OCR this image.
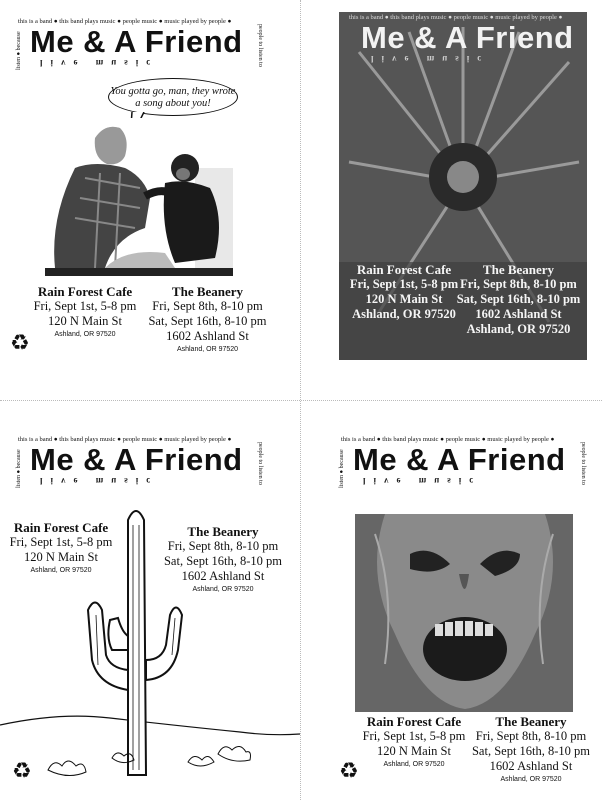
this is a band ● this band plays music ● people music ● music played by people ●
listen ● because	people to listen to
Me & A Friend
live music
You gotta go, man, they wrote a song about you!
Rain Forest Cafe
Fri, Sept 1st, 5-8 pm
120 N Main St
Ashland, OR 97520
The Beanery
Fri, Sept 8th, 8-10 pm
Sat, Sept 16th, 8-10 pm
1602 Ashland St
Ashland, OR 97520
♻
this is a band ● this band plays music ● people music ● music played by people ●
Me & A Friend
live music
Rain Forest Cafe
Fri, Sept 1st, 5-8 pm
120 N Main St
Ashland, OR 97520
The Beanery
Fri, Sept 8th, 8-10 pm
Sat, Sept 16th, 8-10 pm
1602 Ashland St
Ashland, OR 97520
this is a band ● this band plays music ● people music ● music played by people ●
listen ● because	people to listen to
Me & A Friend
live music
Rain Forest Cafe
Fri, Sept 1st, 5-8 pm
120 N Main St
Ashland, OR 97520
The Beanery
Fri, Sept 8th, 8-10 pm
Sat, Sept 16th, 8-10 pm
1602 Ashland St
Ashland, OR 97520
♻
this is a band ● this band plays music ● people music ● music played by people ●
listen ● because	people to listen to
Me & A Friend
live music
Rain Forest Cafe
Fri, Sept 1st, 5-8 pm
120 N Main St
Ashland, OR 97520
The Beanery
Fri, Sept 8th, 8-10 pm
Sat, Sept 16th, 8-10 pm
1602 Ashland St
Ashland, OR 97520
♻
